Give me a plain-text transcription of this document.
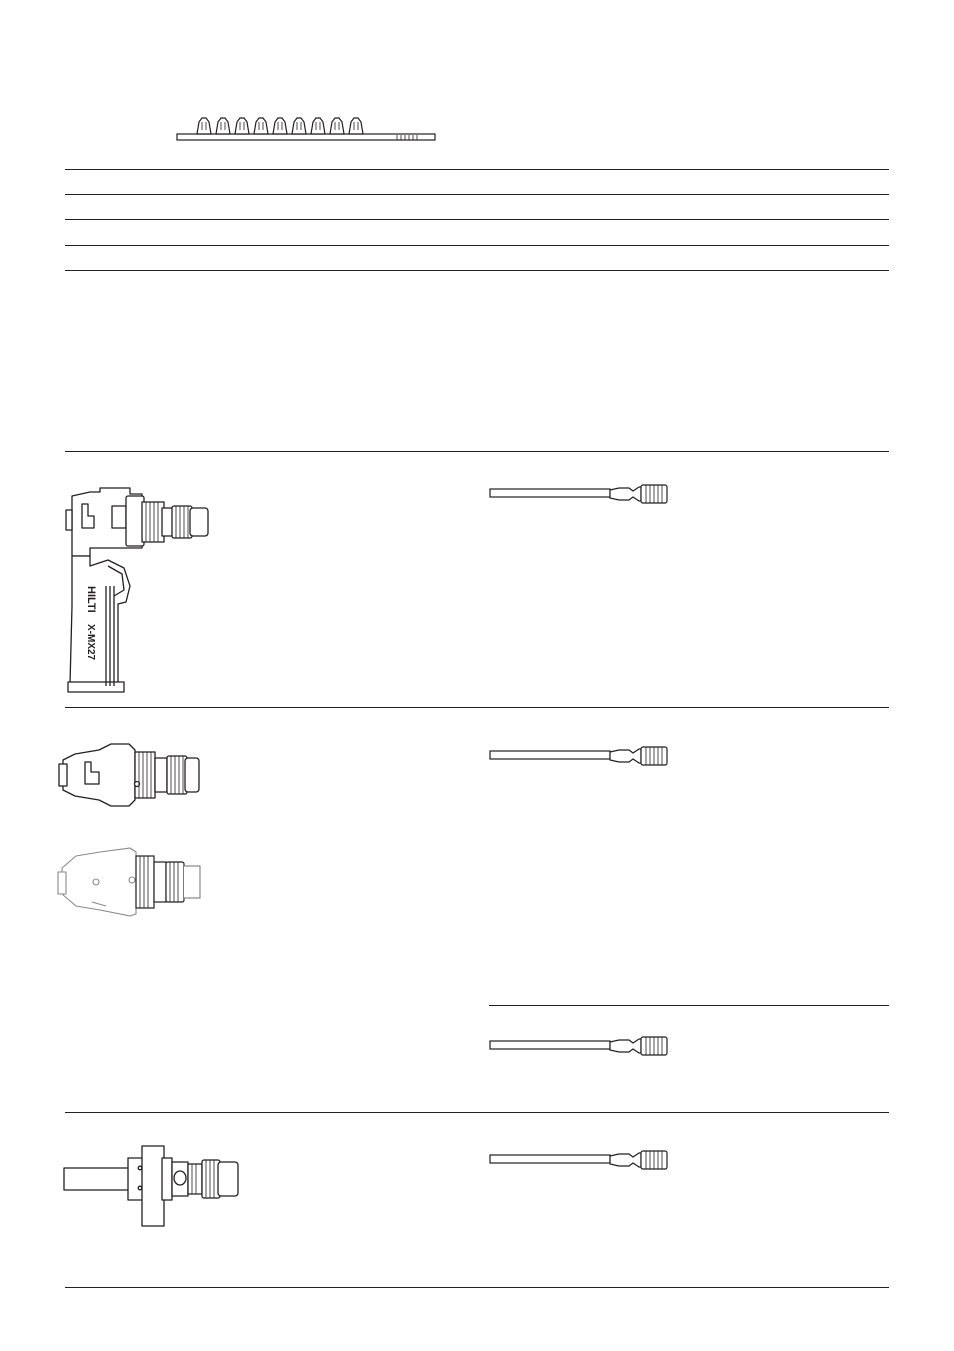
HILTI
X-MX27
